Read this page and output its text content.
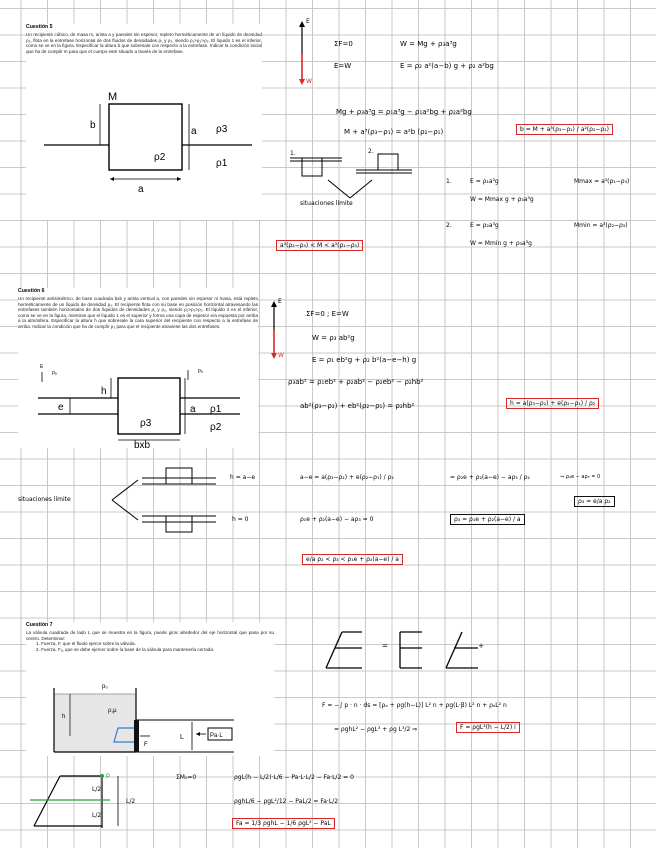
Cuestión 5

Un recipiente cúbico, de masa m, arista a y paredes sin espesor, repleto herméticamente de un líquido de densidad ρ₃, flota en la entrefase horizontal de dos fluidos de densidades ρ₁ y ρ₂, siendo ρ₁>ρ₃>ρ₂. El líquido 1 es el inferior, como se ve en la figura. Especificar la altura b que sobresale con respecto a la entrefase. Indicar la condición inicial que ha de cumplir m para que el cuerpo esté situado a través de la entrefase.

M
b
a
a
ρ3
ρ2
ρ1
E
W
ΣF=0	W = Mg + ρ₃a³g
E=W	E = ρ₂ a²(a−b) g + ρ₂ a²bg
Mg + ρ₃a³g = ρ₁a³g − ρ₁a²bg + ρ₂a²bg
M + a³(ρ₃−ρ₁) = a²b (ρ₂−ρ₁)	b = M + a³(ρ₃−ρ₁) / a²(ρ₂−ρ₁)
1.	2.
situaciones límite
1.	E = ρ₁a³g
W = Mmax g + ρ₃a³g
Mmax = a³(ρ₁−ρ₃)
2.	E = ρ₂a³g
W = Mmin g + ρ₃a³g
Mmin = a³(ρ₂−ρ₃)
a³(ρ₂−ρ₃) < M < a³(ρ₁−ρ₃)

Cuestión 6

Un recipiente antisimétrico, de base cuadrada bxb y arista vertical a, con paredes sin espesor ni masa, está repleto herméticamente de un líquido de densidad ρ₃. El recipiente flota con su base en posición horizontal atravesando las entrefases también horizontales de dos líquidos de densidades ρ₁ y ρ₂, siendo ρ₁>ρ₃>ρ₂. El líquido 2 es el inferior, como se ve en la figura, mientras que el líquido 1 es el superior y forma una capa de espesor e/a expuesta por arriba a la atmósfera. Especificar la altura h que sobresale la cara superior del recipiente con respecto a la entrefase de arriba. Indicar la condición que ha de cumplir ρ₃ para que el recipiente atraviese las dos entrefases.

E
pₐ	pₐ
h
e
ρ3
a ρ1
ρ2
bxb
E
W
ΣF=0 ; E=W
W = ρ₃ ab²g
E = ρ₁ eb²g + ρ₂ b²(a−e−h) g
ρ₃ab² = ρ₁eb² + ρ₂ab² − ρ₂eb² − ρ₂hb²
ab²(ρ₃−ρ₂) + eb²(ρ₂−ρ₁) = ρ₂hb²	h = a(ρ₃−ρ₂) + e(ρ₂−ρ₁) / ρ₂
situaciones límite
h = a−e	a−e = a(ρ₃−ρ₂) + e(ρ₂−ρ₁) / ρ₂	= ρ₂e + ρ₂(a−e) − aρ₃ / ρ₂	⇒ ρ₂e − aρ₃ = 0
ρ₃ = e/a ρ₂
h = 0	ρ₁e + ρ₂(a−e) − aρ₃ = 0	ρ₃ = ρ₁e + ρ₂(a−e) / a
e/a ρ₂ < ρ₃ < ρ₁e + ρ₂(a−e) / a

Cuestión 7

La válvula cuadrada de lado L que se muestra en la figura, puede girar alrededor del eje horizontal que pasa por su centro. Determinar:

1. Fuerza, F, que el fluido ejerce sobre la válvula.

2. Fuerza, Fₐ, que se debe ejercer sobre la base de la válvula para mantenerla cerrada.

p₀
ρ,μ
h
F
L	Pa·L
= +
F = −∫ p · n · ds = [ρₐ + ρg(h−L)] L² n + ρg(L·β) L² n + ρₐL² n
= ρghL² − ρgL³ + ρg L³/2 ⇒	F = ρgL²(h − L/2) i
p
L/2
L/2
L/2
ΣM₀=0	ρgL(h − L/2)·L/6 − Pa·L·L/2 − Fa·L/2 = 0
ρghL/6 − ρgL²/12 − PaL/2 = Fa·L/2
Fa = 1/3 ρghL − 1/6 ρgL² − PaL
